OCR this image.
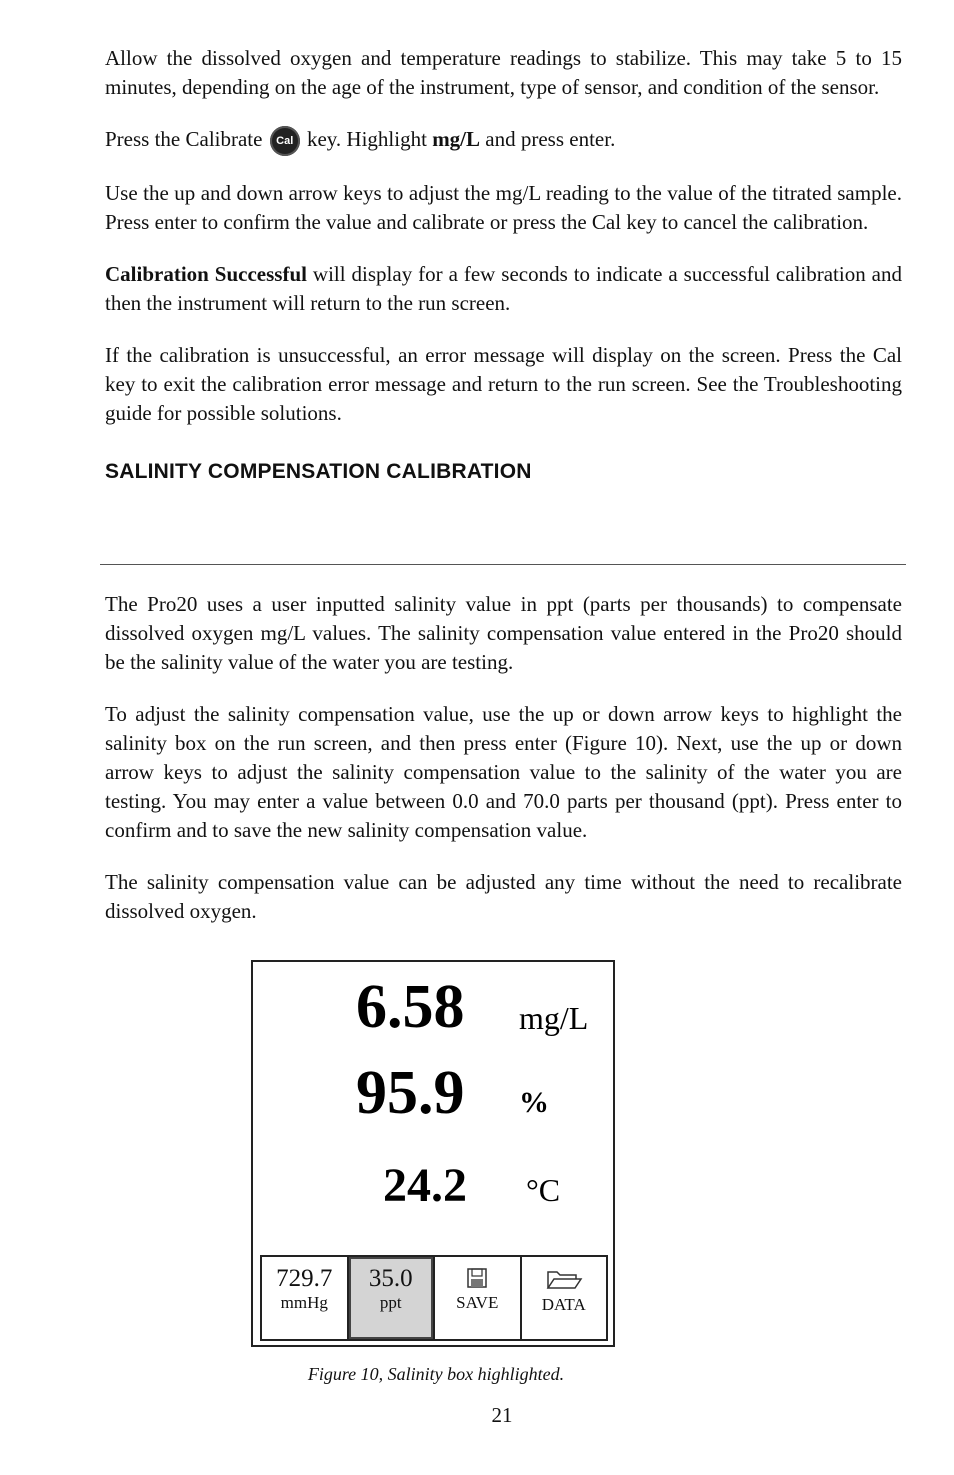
Allow the dissolved oxygen and temperature readings to stabilize. This may take 5 to 15 minutes, depending on the age of the instrument, type of sensor, and condition of the sensor.

Press the Calibrate Cal key. Highlight mg/L and press enter.

Use the up and down arrow keys to adjust the mg/L reading to the value of the titrated sample. Press enter to confirm the value and calibrate or press the Cal key to cancel the calibration.

Calibration Successful will display for a few seconds to indicate a successful calibration and then the instrument will return to the run screen.

If the calibration is unsuccessful, an error message will display on the screen. Press the Cal key to exit the calibration error message and return to the run screen. See the Troubleshooting guide for possible solutions.

SALINITY COMPENSATION CALIBRATION

The Pro20 uses a user inputted salinity value in ppt (parts per thousands) to compensate dissolved oxygen mg/L values. The salinity compensation value entered in the Pro20 should be the salinity value of the water you are testing.

To adjust the salinity compensation value, use the up or down arrow keys to highlight the salinity box on the run screen, and then press enter (Figure 10). Next, use the up or down arrow keys to adjust the salinity compensation value to the salinity of the water you are testing. You may enter a value between 0.0 and 70.0 parts per thousand (ppt). Press enter to confirm and to save the new salinity compensation value.

The salinity compensation value can be adjusted any time without the need to recalibrate dissolved oxygen.

6.58 mg/L
95.9 %
24.2 °C
729.7
mmHg
35.0
ppt	SAVE	DATA
Figure 10, Salinity box highlighted.
21
